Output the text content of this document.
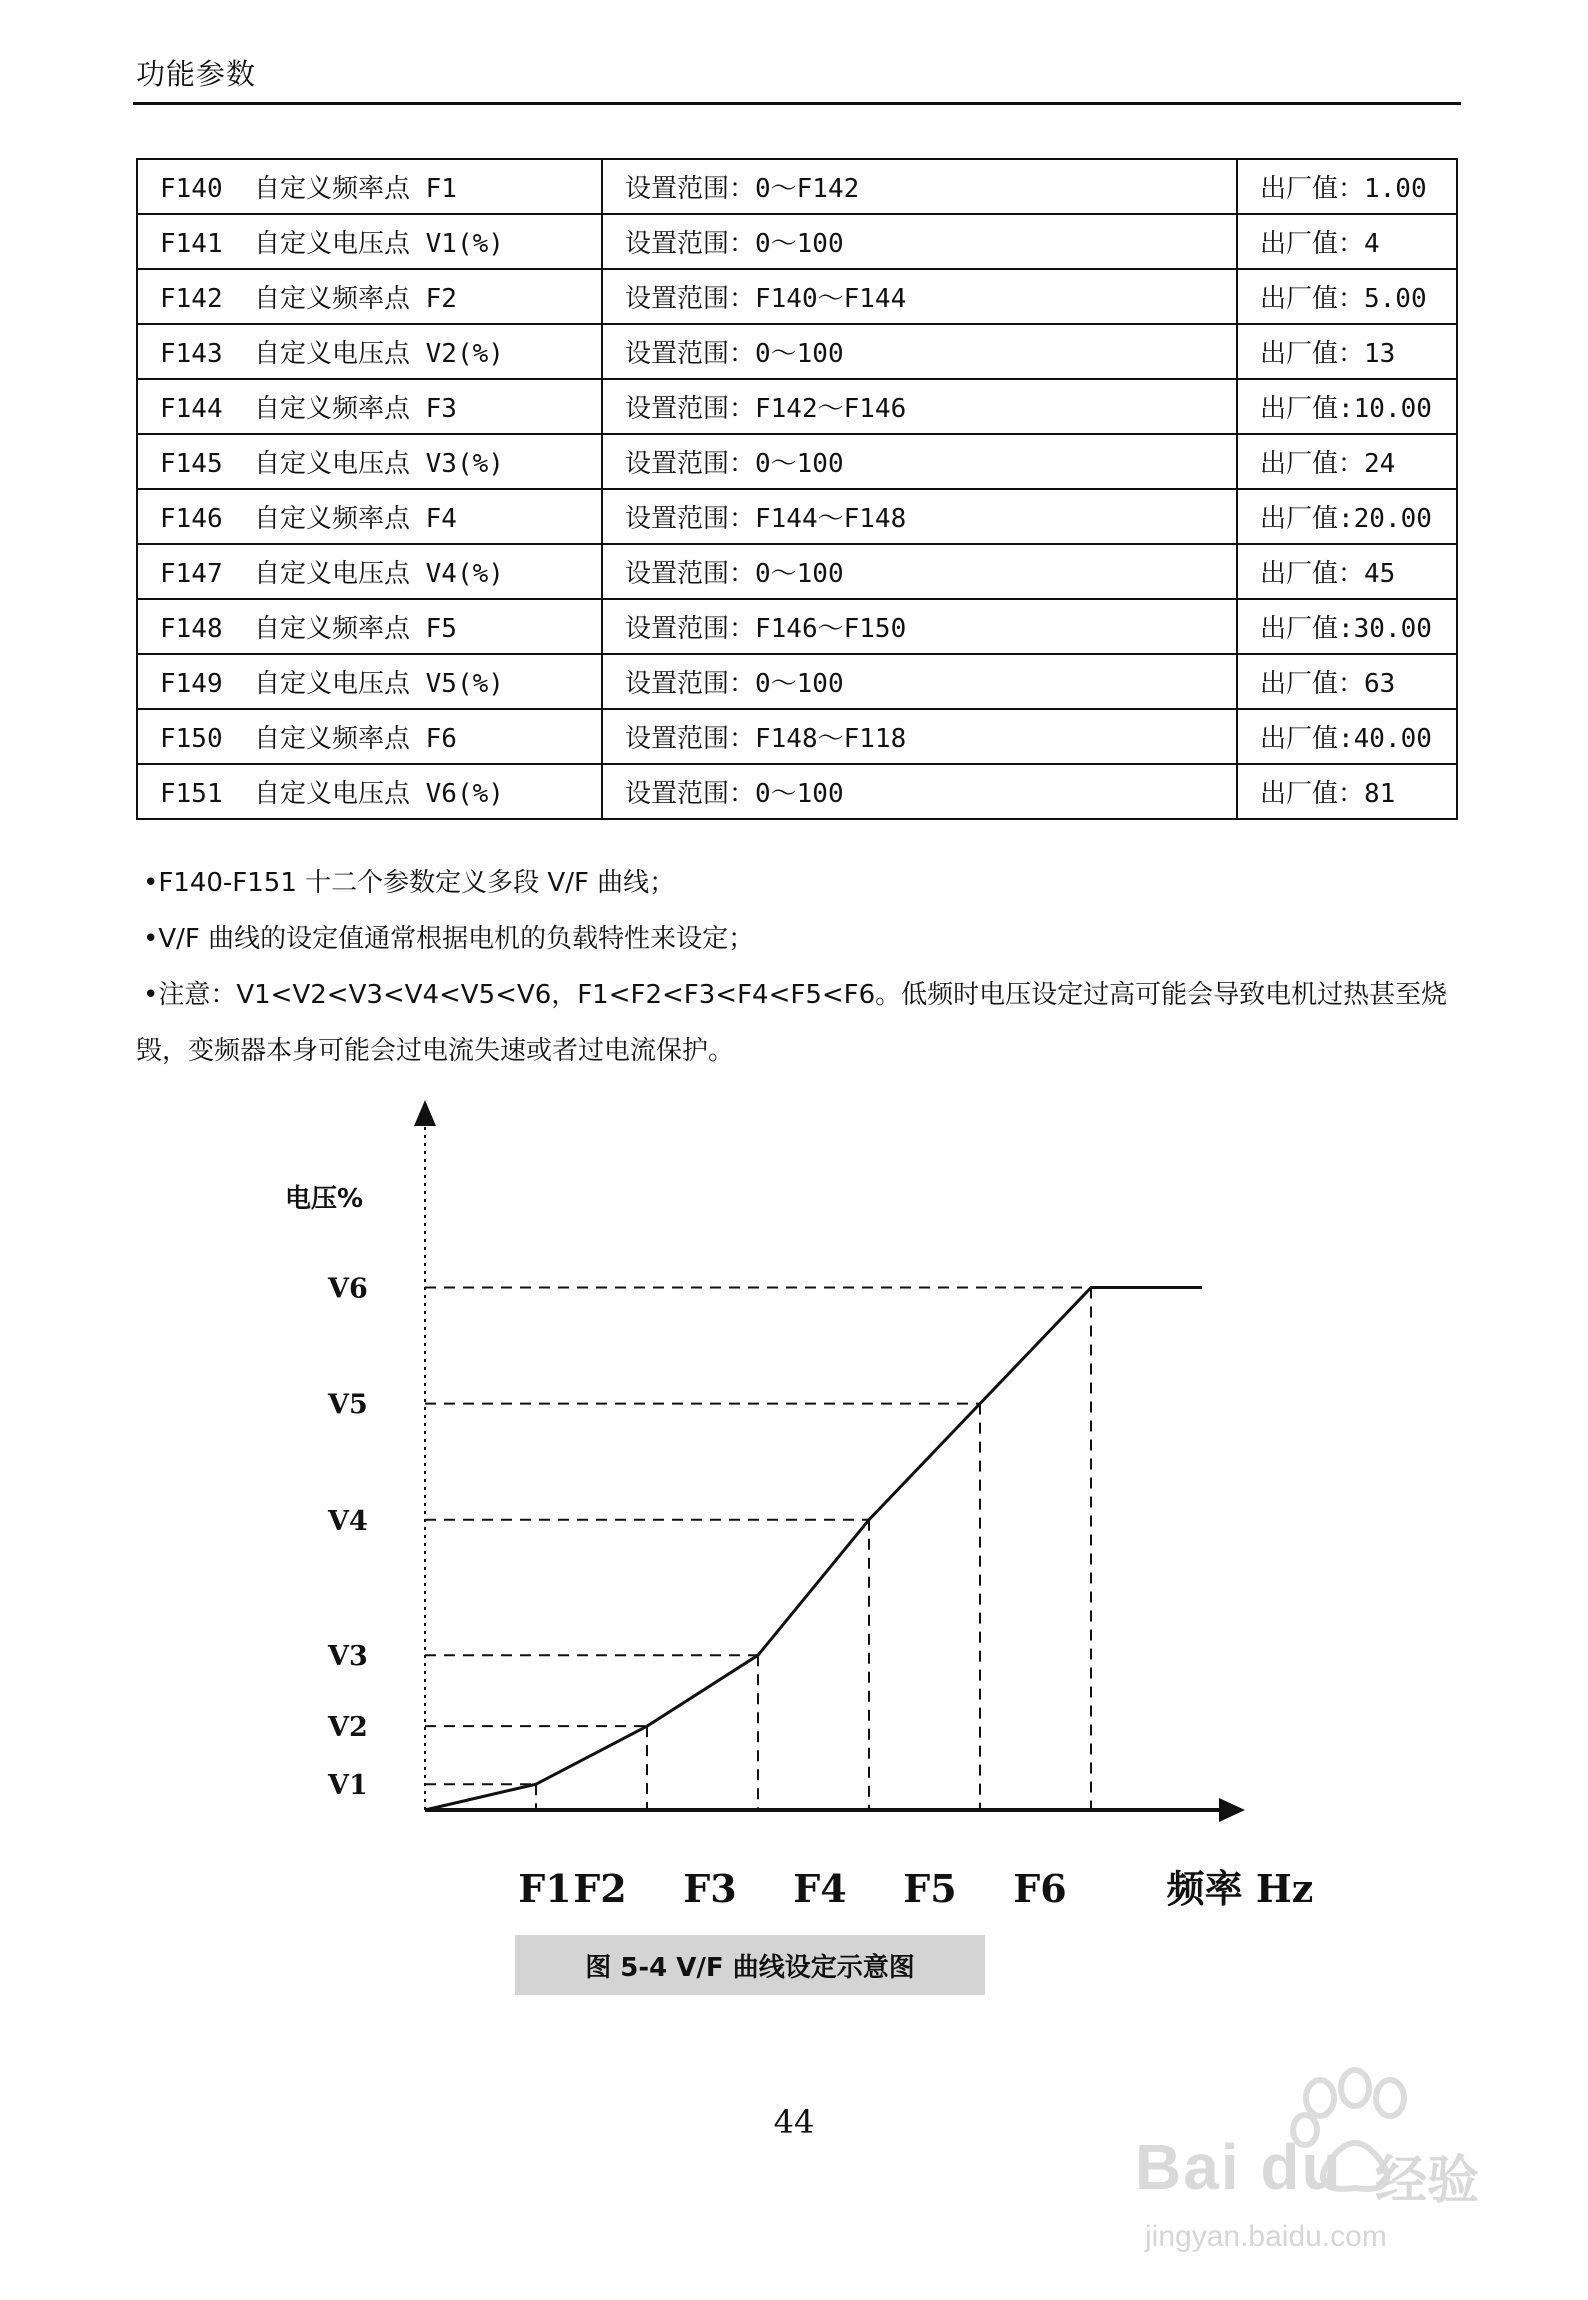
功能参数
F140 自定义频率点 F1	设置范围：0～F142	出厂值：1.00
F141 自定义电压点 V1(%)	设置范围：0～100	出厂值：4
F142 自定义频率点 F2	设置范围：F140～F144	出厂值：5.00
F143 自定义电压点 V2(%)	设置范围：0～100	出厂值：13
F144 自定义频率点 F3	设置范围：F142～F146	出厂值:10.00
F145 自定义电压点 V3(%)	设置范围：0～100	出厂值：24
F146 自定义频率点 F4	设置范围：F144～F148	出厂值:20.00
F147 自定义电压点 V4(%)	设置范围：0～100	出厂值：45
F148 自定义频率点 F5	设置范围：F146～F150	出厂值:30.00
F149 自定义电压点 V5(%)	设置范围：0～100	出厂值：63
F150 自定义频率点 F6	设置范围：F148～F118	出厂值:40.00
F151 自定义电压点 V6(%)	设置范围：0～100	出厂值：81
•F140-F151 十二个参数定义多段 V/F 曲线；
•V/F 曲线的设定值通常根据电机的负载特性来设定；
•注意：V1<V2<V3<V4<V5<V6，F1<F2<F3<F4<F5<F6。低频时电压设定过高可能会导致电机过热甚至烧
毁，变频器本身可能会过电流失速或者过电流保护。
电压%
V1
V2
V3
V4
V5
V6
F1 F2 F3 F4 F5 F6	频率 Hz
图 5-4 V/F 曲线设定示意图
44
Bai du 经验
jingyan.baidu.com
